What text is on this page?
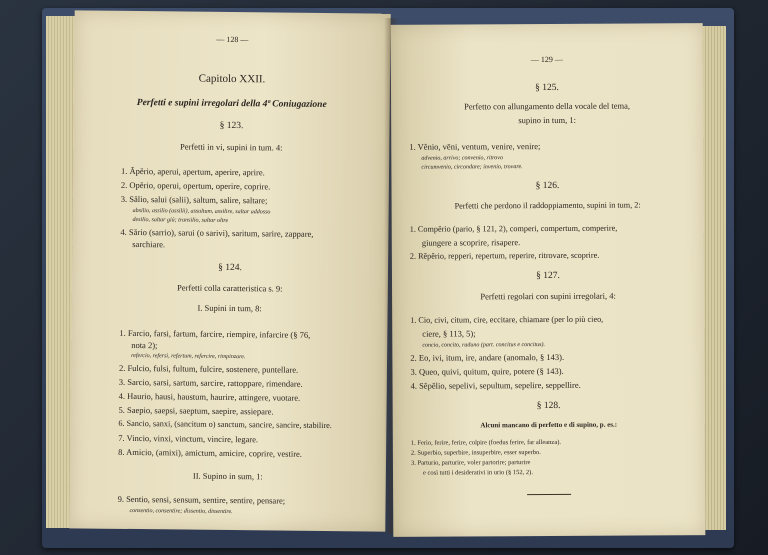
— 128 —
Capitolo XXII.
Perfetti e supini irregolari della 4ª Coniugazione
§ 123.
Perfetti in vi, supini in tum. 4:
1. Ăpĕrio, aperui, apertum, aperire, aprire.
2. Opĕrio, operui, opertum, operire, coprire.
3. Sălio, salui (salii), saltum, salire, saltare;
absilio, assilio (assilii), assultum, assilire, saltar addosso
desilio, saltar giù; transilio, saltar oltre
4. Sărio (sarrio), sarui (o sarivi), saritum, sarire, zappare,
sarchiare.
§ 124.
Perfetti colla caratteristica s. 9:
I. Supini in tum, 8:
1. Farcio, farsi, fartum, farcire, riempire, infarcire (§ 76,
nota 2);
refercio, refersi, refertum, refercire, rimpinzare.
2. Fulcio, fulsi, fultum, fulcire, sostenere, puntellare.
3. Sarcio, sarsi, sartum, sarcire, rattoppare, rimendare.
4. Haurio, hausi, haustum, haurire, attingere, vuotare.
5. Saepio, saepsi, saeptum, saepire, assiepare.
6. Sancio, sanxi, (sancitum o) sanctum, sancire, sancire, stabilire.
7. Vincio, vinxi, vinctum, vincire, legare.
8. Amicio, (amixi), amictum, amicire, coprire, vestire.
II. Supino in sum, 1:
9. Sentio, sensi, sensum, sentire, sentire, pensare;
consentio, consentire; dissentio, dissentire.
— 129 —
§ 125.
Perfetto con allungamento della vocale del tema,
supino in tum, 1:
1. Vĕnio, vēni, ventum, venire, venire;
advenio, arrivo; convenio, ritrovo
circumvenio, circondare; invenio, trovare.
§ 126.
Perfetti che perdono il raddoppiamento, supini in tum, 2:
1. Compĕrio (pario, § 121, 2), comperi, compertum, comperire,
giungere a scoprire, risapere.
2. Rĕpĕrio, repperi, repertum, reperire, ritrovare, scoprire.
§ 127.
Perfetti regolari con supini irregolari, 4:
1. Cio, civi, citum, cire, eccitare, chiamare (per lo più cieo,
ciere, § 113, 5);
concio, concito, raduno (part. concitus e concitus).
2. Eo, ivi, itum, ire, andare (anomalo, § 143).
3. Queo, quivi, quitum, quire, potere (§ 143).
4. Sĕpĕlio, sepelivi, sepultum, sepelire, seppellire.
§ 128.
Alcuni mancano di perfetto e di supino, p. es.:
1. Ferio, ferire, ferire, colpire (foedus ferire, far alleanza).
2. Superbio, superbire, insuperbire, esser superbo.
3. Parturio, parturire, voler partorire; parturire
e così tutti i desiderativi in urio (§ 152, 2).
